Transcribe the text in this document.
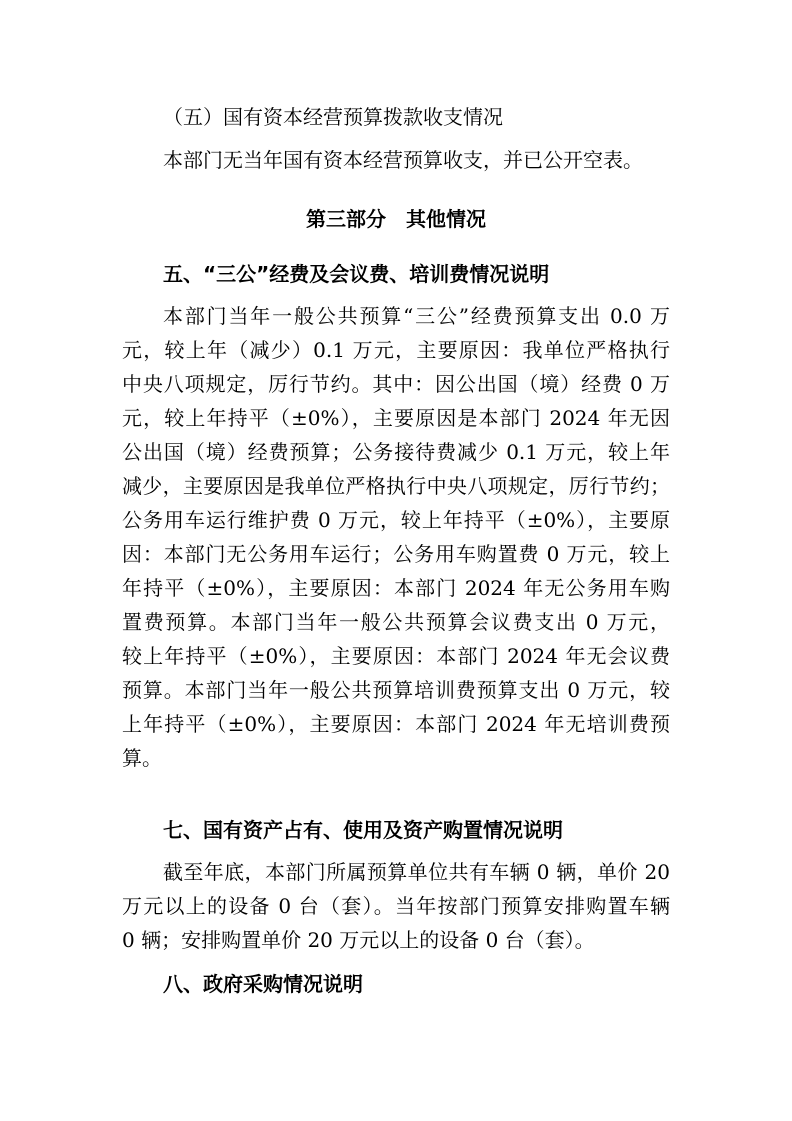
（五）国有资本经营预算拨款收支情况
本部门无当年国有资本经营预算收支，并已公开空表。
第三部分　其他情况
五、“三公”经费及会议费、培训费情况说明
本部门当年一般公共预算“三公”经费预算支出 0.0 万
元，较上年（减少）0.1 万元，主要原因：我单位严格执行
中央八项规定，厉行节约。其中：因公出国（境）经费 0 万
元，较上年持平（±0%），主要原因是本部门 2024 年无因
公出国（境）经费预算；公务接待费减少 0.1 万元，较上年
减少，主要原因是我单位严格执行中央八项规定，厉行节约；
公务用车运行维护费 0 万元，较上年持平（±0%），主要原
因：本部门无公务用车运行；公务用车购置费 0 万元，较上
年持平（±0%），主要原因：本部门 2024 年无公务用车购
置费预算。本部门当年一般公共预算会议费支出 0 万元，
较上年持平（±0%），主要原因：本部门 2024 年无会议费
预算。本部门当年一般公共预算培训费预算支出 0 万元，较
上年持平（±0%），主要原因：本部门 2024 年无培训费预
算。
七、国有资产占有、使用及资产购置情况说明
截至年底，本部门所属预算单位共有车辆 0 辆，单价 20
万元以上的设备 0 台（套）。当年按部门预算安排购置车辆
0 辆；安排购置单价 20 万元以上的设备 0 台（套）。
八、政府采购情况说明
